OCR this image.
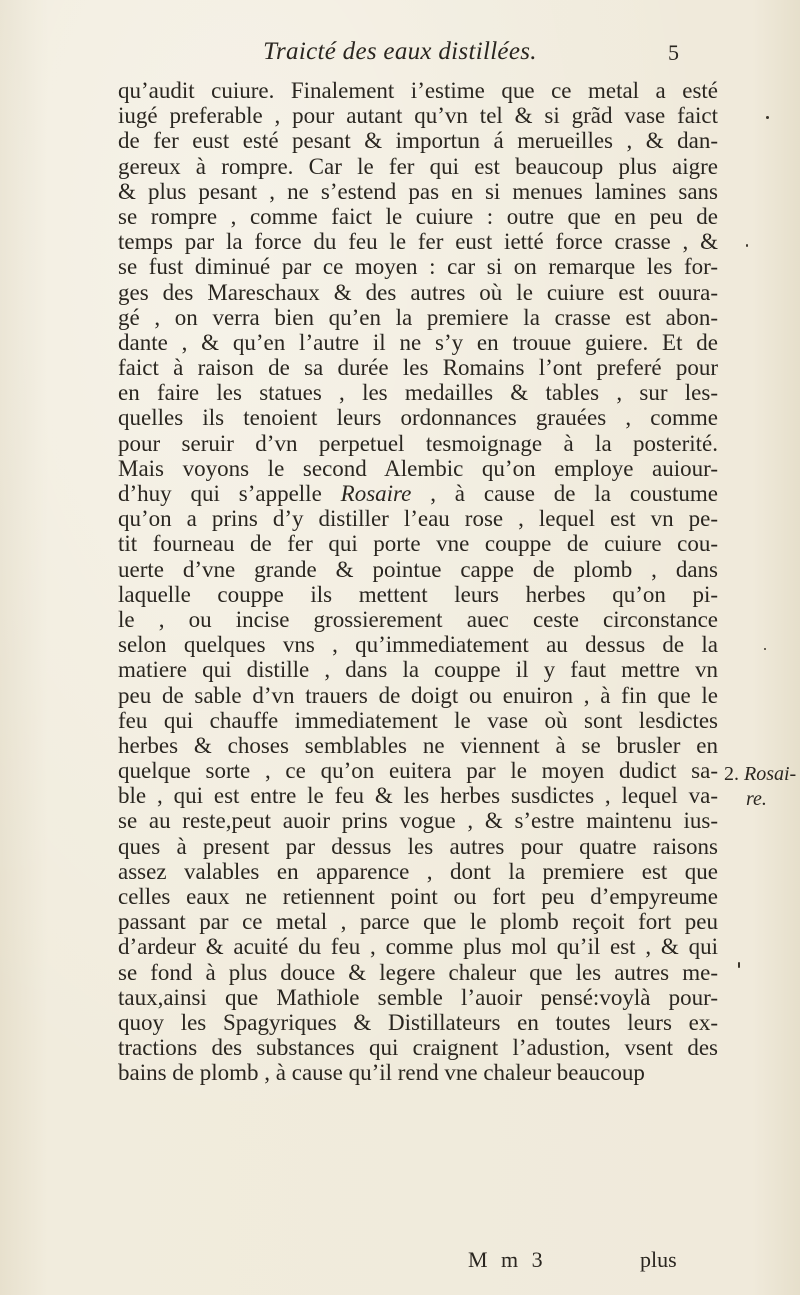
Traicté des eaux distillées.	5
qu’audit cuiure. Finalement i’estime que ce metal a esté
iugé preferable , pour autant qu’vn tel & si grãd vase faict
de fer eust esté pesant & importun á merueilles , & dan-
gereux à rompre. Car le fer qui est beaucoup plus aigre
& plus pesant , ne s’estend pas en si menues lamines sans
se rompre , comme faict le cuiure : outre que en peu de
temps par la force du feu le fer eust ietté force crasse , &
se fust diminué par ce moyen : car si on remarque les for-
ges des Mareschaux & des autres où le cuiure est ouura-
gé , on verra bien qu’en la premiere la crasse est abon-
dante , & qu’en l’autre il ne s’y en trouue guiere. Et de
faict à raison de sa durée les Romains l’ont preferé pour
en faire les statues , les medailles & tables , sur les-
quelles ils tenoient leurs ordonnances grauées , comme
pour seruir d’vn perpetuel tesmoignage à la posterité.
Mais voyons le second Alembic qu’on employe auiour-
d’huy qui s’appelle Rosaire , à cause de la coustume
qu’on a prins d’y distiller l’eau rose , lequel est vn pe-
tit fourneau de fer qui porte vne couppe de cuiure cou-
uerte d’vne grande & pointue cappe de plomb , dans
laquelle couppe ils mettent leurs herbes qu’on pi-
le , ou incise grossierement auec ceste circonstance
selon quelques vns , qu’immediatement au dessus de la
matiere qui distille , dans la couppe il y faut mettre vn
peu de sable d’vn trauers de doigt ou enuiron , à fin que le
feu qui chauffe immediatement le vase où sont lesdictes
herbes & choses semblables ne viennent à se brusler en
quelque sorte , ce qu’on euitera par le moyen dudict sa-
ble , qui est entre le feu & les herbes susdictes , lequel va-
se au reste,peut auoir prins vogue , & s’estre maintenu ius-
ques à present par dessus les autres pour quatre raisons
assez valables en apparence , dont la premiere est que
celles eaux ne retiennent point ou fort peu d’empyreume
passant par ce metal , parce que le plomb reçoit fort peu
d’ardeur & acuité du feu , comme plus mol qu’il est , & qui
se fond à plus douce & legere chaleur que les autres me-
taux,ainsi que Mathiole semble l’auoir pensé:voylà pour-
quoy les Spagyriques & Distillateurs en toutes leurs ex-
tractions des substances qui craignent l’adustion, vsent des
bains de plomb , à cause qu’il rend vne chaleur beaucoup
2. Rosai-
re.
M m 3	plus
